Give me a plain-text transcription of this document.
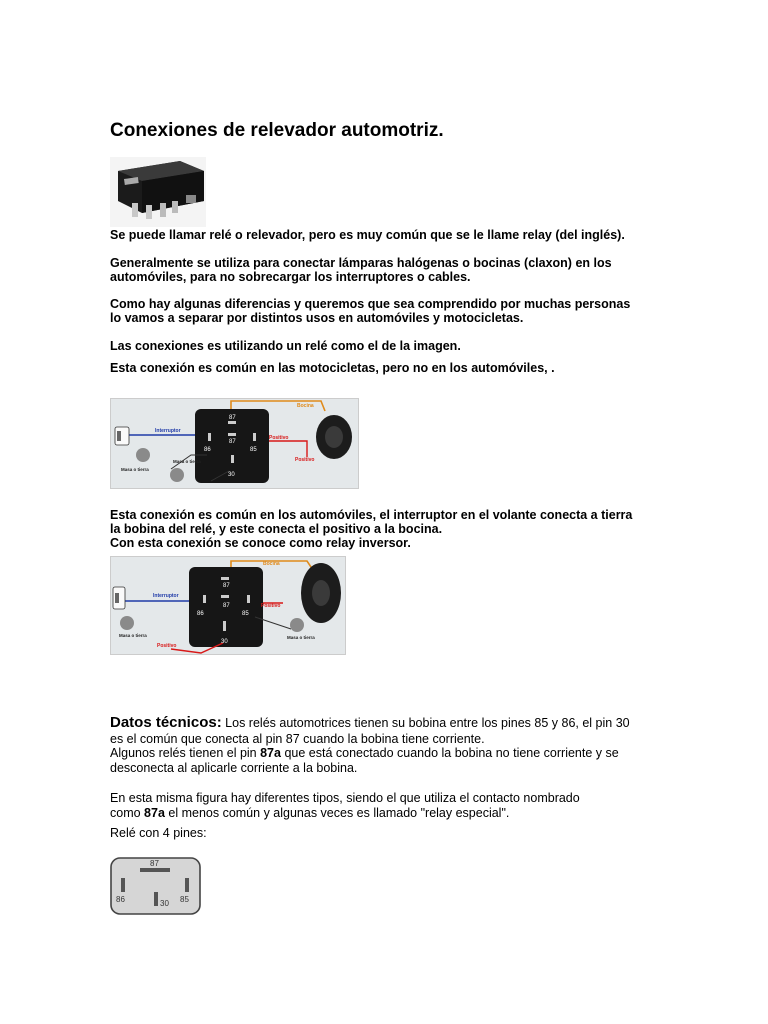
Conexiones de relevador automotriz.
Se puede llamar relé o relevador, pero es muy común que se le llame relay (del inglés).
Generalmente se utiliza para conectar lámparas halógenas o bocinas (claxon) en los
automóviles, para no sobrecargar los interruptores o cables.
Como hay algunas diferencias y queremos que sea comprendido por muchas personas
lo vamos a separar por distintos usos en automóviles y motocicletas.
Las conexiones es utilizando un relé como el de la imagen.
Esta conexión es común en las motocicletas, pero no en los automóviles, .
87
87
86	85
30
Bocina
Interruptor
Positivo
Positivo
Masa o tierra
Masa o tierra
Esta conexión es común en los automóviles, el interruptor en el volante conecta a tierra
la bobina del relé, y este conecta el positivo a la bocina.
Con esta conexión se conoce como relay inversor.
87
87
86	85
30
Bocina
Interruptor
Positivo
Positivo
Masa o tierra	Masa o tierra
Datos técnicos: Los relés automotrices tienen su bobina entre los pines 85 y 86, el pin 30
es el común que conecta al pin 87 cuando la bobina tiene corriente.
Algunos relés tienen el pin 87a que está conectado cuando la bobina no tiene corriente y se
desconecta al aplicarle corriente a la bobina.
En esta misma figura hay diferentes tipos, siendo el que utiliza el contacto nombrado
como 87a el menos común y algunas veces es llamado "relay especial".
Relé con 4 pines:
87
86	85
30
